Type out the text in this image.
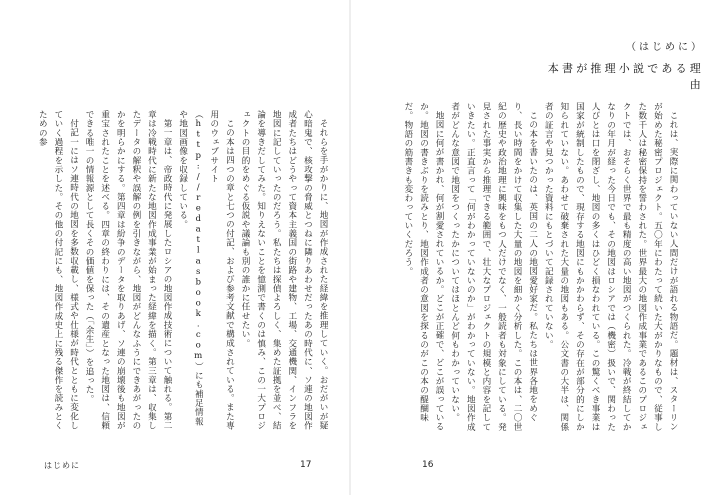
それらを手がかりに、地図が作成された経緯を推理していく。おだがいが疑心暗鬼で、核攻撃の脅威とつねに隣りあわせだったあの時代に、ソ連の地図作成者たちはどうやって資本主義国の街路や建物、工場、交通機関、インフラを地図に記していったのだろう。私たちは探偵よろしく、集めた証拠を並べ、結論を導きだしてみた。知りえないことを憶測で書くのは慎み、この一大プロジェクトの目的をめぐる仮説や議論も別の誰かに任せたい。

この本は四つの章と七つの付記、および参考文献で構成されている。また専用のウェブサイト（http://redatlasbook.com）にも補足情報や地図画像を収録している。

第一章は、帝政時代に発展したロシアの地図作成技術について触れる。第二章は冷戦時代に新たな地図作成事業が始まった経緯を描く。第三章は、収集したデータの解釈や誤解の例を引きながら、地図がどんなふうにできあがったのかを明らかにする。第四章は紛争のデータを取りあげ、ソ連の崩壊後も地図が重宝されたことを述べる。四章の終わりには、その遺産となった地図は、信頼できる唯一の情報源として長くその価値を保った（「余生」）を追った。

付記一にはソ連時代の地図を多数収載し、様式や仕様が時代とともに変化していく過程を示した。その他の付記にも、地図作成史上に残る傑作を読みとくための参

はじめに	17
（はじめに）
本書が推理小説である理由

これは、実際に関わっていない人間だけが語れる物語だ。題材は、スターリンが始めた秘密プロジェクト。五〇年にわたって続いた大がかりなもので、従事した数千人は秘密保持を誓わされた。世界最大の地図作成事業であるこのプロジェクトでは、おそらく世界で最も精度の高い地図がつくられた。冷戦が終結してかなりの年月が経った今日でも、その地図はロシアでは（機密）扱いで、関わった人びとは口を閉ざし、地図の多くはひどく損なわれている。この驚くべき事業は国家が統制したもので、現存する地図にもかかわらず、その存在が部分的にしか知られていない。あわせて破棄された大量の地図もある。公文書の大半は、関係者の証言や見つかった資料にもとづいて記録されていない。

この本を書いたのは、英国の二人の地図愛好家だ。私たちは世界各地をめぐり、長い時間をかけて収集した大量の地図を細かく分析した。この本は、二〇世紀の歴史や政治地理に興味をもつ人だけでなく、一般読者も対象にしている。発見された事実から推理できる範囲で、壮大なプロジェクトの規模と内容を記していきたい。正直言って「何がわかっていないのか」がわかっていない。地図作成者がどんな意図で地図をつくったかについてはほとんど何もわかっていない。

地図に何が書かれ、何が割愛されているか。どこが正確で、どこが誤っているか。地図の書きぶりを読みとり、地図作成者の意図を探るのがこの本の醍醐味だ。物語の筋書きも変わっていくだろう。

16
